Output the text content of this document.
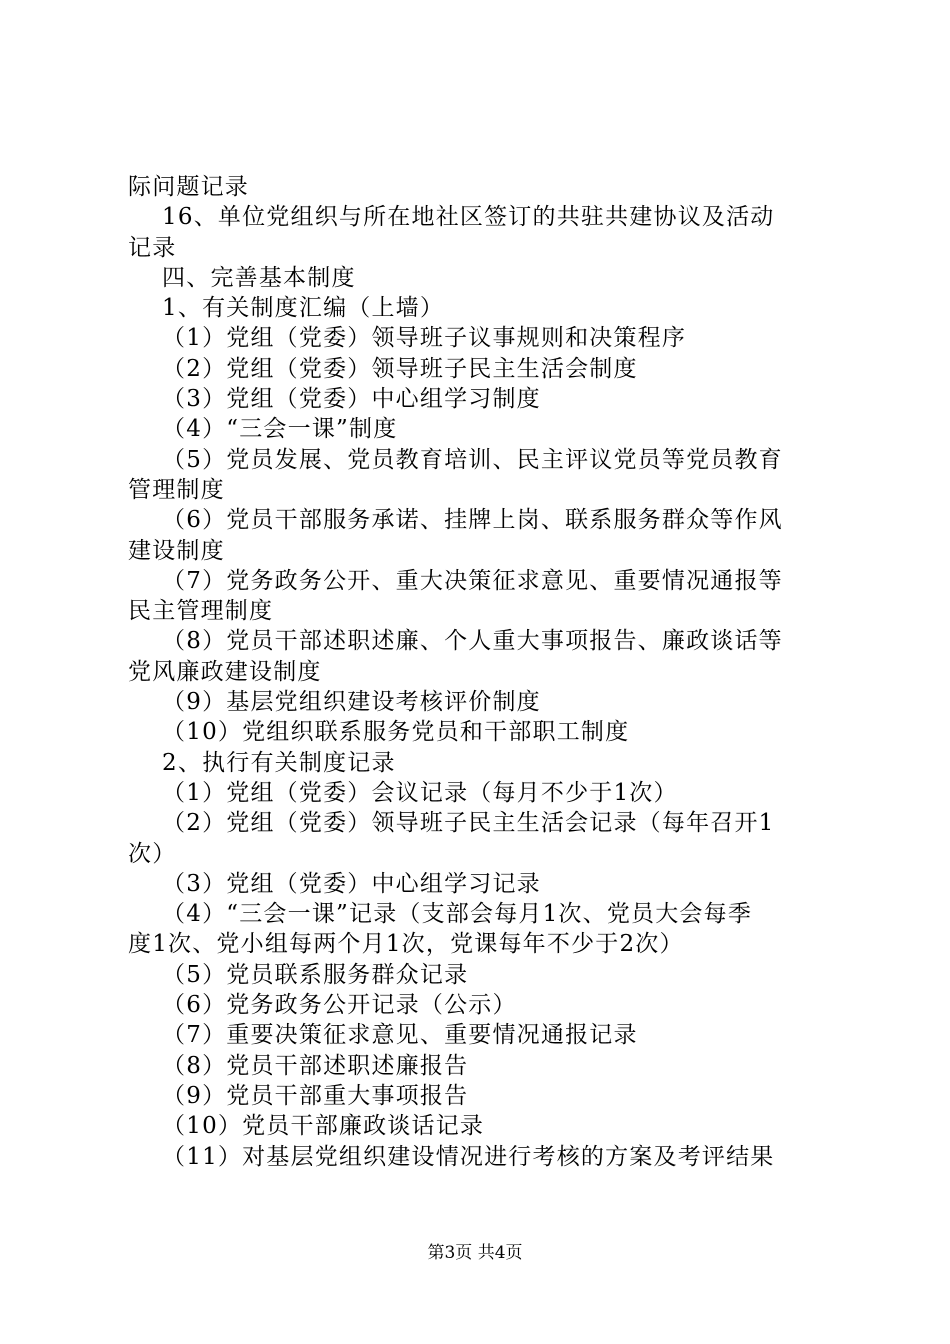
际问题记录
16、单位党组织与所在地社区签订的共驻共建协议及活动
记录
四、完善基本制度
1、有关制度汇编（上墙）
（1）党组（党委）领导班子议事规则和决策程序
（2）党组（党委）领导班子民主生活会制度
（3）党组（党委）中心组学习制度
（4）“三会一课”制度
（5）党员发展、党员教育培训、民主评议党员等党员教育
管理制度
（6）党员干部服务承诺、挂牌上岗、联系服务群众等作风
建设制度
（7）党务政务公开、重大决策征求意见、重要情况通报等
民主管理制度
（8）党员干部述职述廉、个人重大事项报告、廉政谈话等
党风廉政建设制度
（9）基层党组织建设考核评价制度
（10）党组织联系服务党员和干部职工制度
2、执行有关制度记录
（1）党组（党委）会议记录（每月不少于1次）
（2）党组（党委）领导班子民主生活会记录（每年召开1
次）
（3）党组（党委）中心组学习记录
（4）“三会一课”记录（支部会每月1次、党员大会每季
度1次、党小组每两个月1次，党课每年不少于2次）
（5）党员联系服务群众记录
（6）党务政务公开记录（公示）
（7）重要决策征求意见、重要情况通报记录
（8）党员干部述职述廉报告
（9）党员干部重大事项报告
（10）党员干部廉政谈话记录
（11）对基层党组织建设情况进行考核的方案及考评结果
第3页 共4页
